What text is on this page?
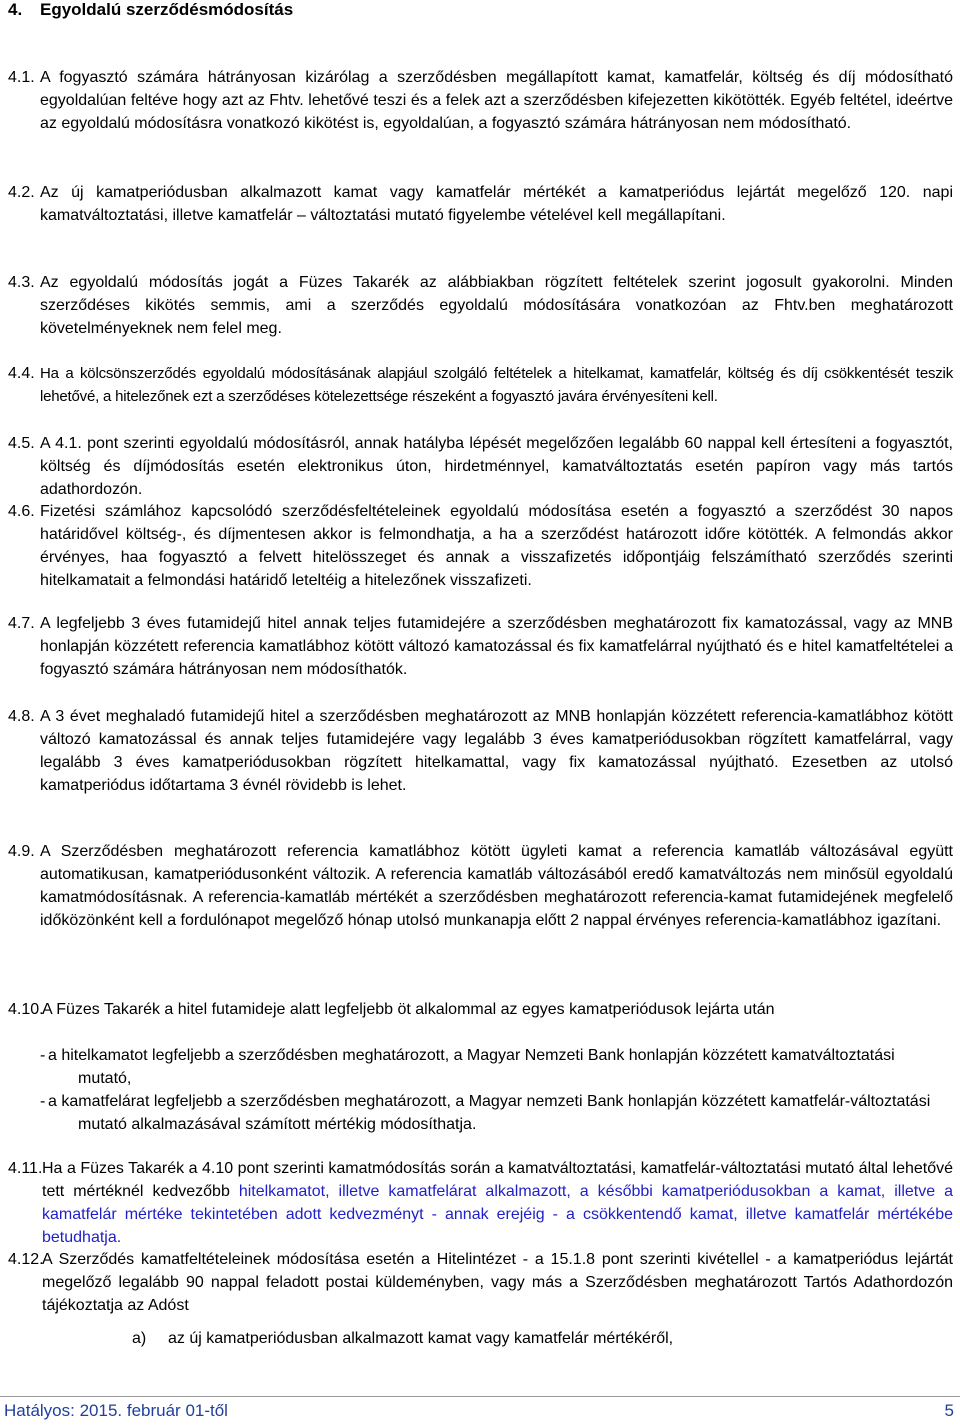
4. Egyoldalú szerződésmódosítás
4.1. A fogyasztó számára hátrányosan kizárólag a szerződésben megállapított kamat, kamatfelár, költség és díj módosítható egyoldalúan feltéve hogy azt az Fhtv. lehetővé teszi és a felek azt a szerződésben kifejezetten kikötötték. Egyéb feltétel, ideértve az egyoldalú módosításra vonatkozó kikötést is, egyoldalúan, a fogyasztó számára hátrányosan nem módosítható.
4.2. Az új kamatperiódusban alkalmazott kamat vagy kamatfelár mértékét a kamatperiódus lejártát megelőző 120. napi kamatváltoztatási, illetve kamatfelár – változtatási mutató figyelembe vételével kell megállapítani.
4.3. Az egyoldalú módosítás jogát a Füzes Takarék az alábbiakban rögzített feltételek szerint jogosult gyakorolni. Minden szerződéses kikötés semmis, ami a szerződés egyoldalú módosítására vonatkozóan az Fhtv.ben meghatározott követelményeknek nem felel meg.
4.4. Ha a kölcsönszerződés egyoldalú módosításának alapjául szolgáló feltételek a hitelkamat, kamatfelár, költség és díj csökkentését teszik lehetővé, a hitelezőnek ezt a szerződéses kötelezettsége részeként a fogyasztó javára érvényesíteni kell.
4.5. A 4.1. pont szerinti egyoldalú módosításról, annak hatályba lépését megelőzően legalább 60 nappal kell értesíteni a fogyasztót, költség és díjmódosítás esetén elektronikus úton, hirdetménnyel, kamatváltoztatás esetén papíron vagy más tartós adathordozón.
4.6. Fizetési számlához kapcsolódó szerződésfeltételeinek egyoldalú módosítása esetén a fogyasztó a szerződést 30 napos határidővel költség-, és díjmentesen akkor is felmondhatja, a ha a szerződést határozott időre kötötték. A felmondás akkor érvényes, haa fogyasztó a felvett hitelösszeget és annak a visszafizetés időpontjáig felszámítható szerződés szerinti hitelkamatait a felmondási határidő leteltéig a hitelezőnek visszafizeti.
4.7. A legfeljebb 3 éves futamidejű hitel annak teljes futamidejére a szerződésben meghatározott fix kamatozással, vagy az MNB honlapján közzétett referencia kamatlábhoz kötött változó kamatozással és fix kamatfelárral nyújtható és e hitel kamatfeltételei a fogyasztó számára hátrányosan nem módosíthatók.
4.8. A 3 évet meghaladó futamidejű hitel a szerződésben meghatározott az MNB honlapján közzétett referencia-kamatlábhoz kötött változó kamatozással és annak teljes futamidejére vagy legalább 3 éves kamatperiódusokban rögzített kamatfelárral, vagy legalább 3 éves kamatperiódusokban rögzített hitelkamattal, vagy fix kamatozással nyújtható. Ezesetben az utolsó kamatperiódus időtartama 3 évnél rövidebb is lehet.
4.9. A Szerződésben meghatározott referencia kamatlábhoz kötött ügyleti kamat a referencia kamatláb változásával együtt automatikusan, kamatperiódusonként változik. A referencia kamatláb változásából eredő kamatváltozás nem minősül egyoldalú kamatmódosításnak. A referencia-kamatláb mértékét a szerződésben meghatározott referencia-kamat futamidejének megfelelő időközönként kell a fordulónapot megelőző hónap utolsó munkanapja előtt 2 nappal érvényes referencia-kamatlábhoz igazítani.
4.10.
A Füzes Takarék a hitel futamideje alatt legfeljebb öt alkalommal az egyes kamatperiódusok lejárta után
- a hitelkamatot legfeljebb a szerződésben meghatározott, a Magyar Nemzeti Bank honlapján közzétett kamatváltoztatási mutató,
- a kamatfelárat legfeljebb a szerződésben meghatározott, a Magyar nemzeti Bank honlapján közzétett kamatfelár-változtatási mutató alkalmazásával számított mértékig módosíthatja.
4.11. Ha a Füzes Takarék a 4.10 pont szerinti kamatmódosítás során a kamatváltoztatási, kamatfelár-változtatási mutató által lehetővé tett mértéknél kedvezőbb hitelkamatot, illetve kamatfelárat alkalmazott, a későbbi kamatperiódusokban a kamat, illetve a kamatfelár mértéke tekintetében adott kedvezményt - annak erejéig - a csökkentendő kamat, illetve kamatfelár mértékébe betudhatja.
4.12.
A Szerződés kamatfeltételeinek módosítása esetén a Hitelintézet - a 15.1.8 pont szerinti kivétellel - a kamatperiódus lejártát megelőző legalább 90 nappal feladott postai küldeményben, vagy más a Szerződésben meghatározott Tartós Adathordozón tájékoztatja az Adóst
a) az új kamatperiódusban alkalmazott kamat vagy kamatfelár mértékéről,
Hatályos: 2015. február 01-től	5
